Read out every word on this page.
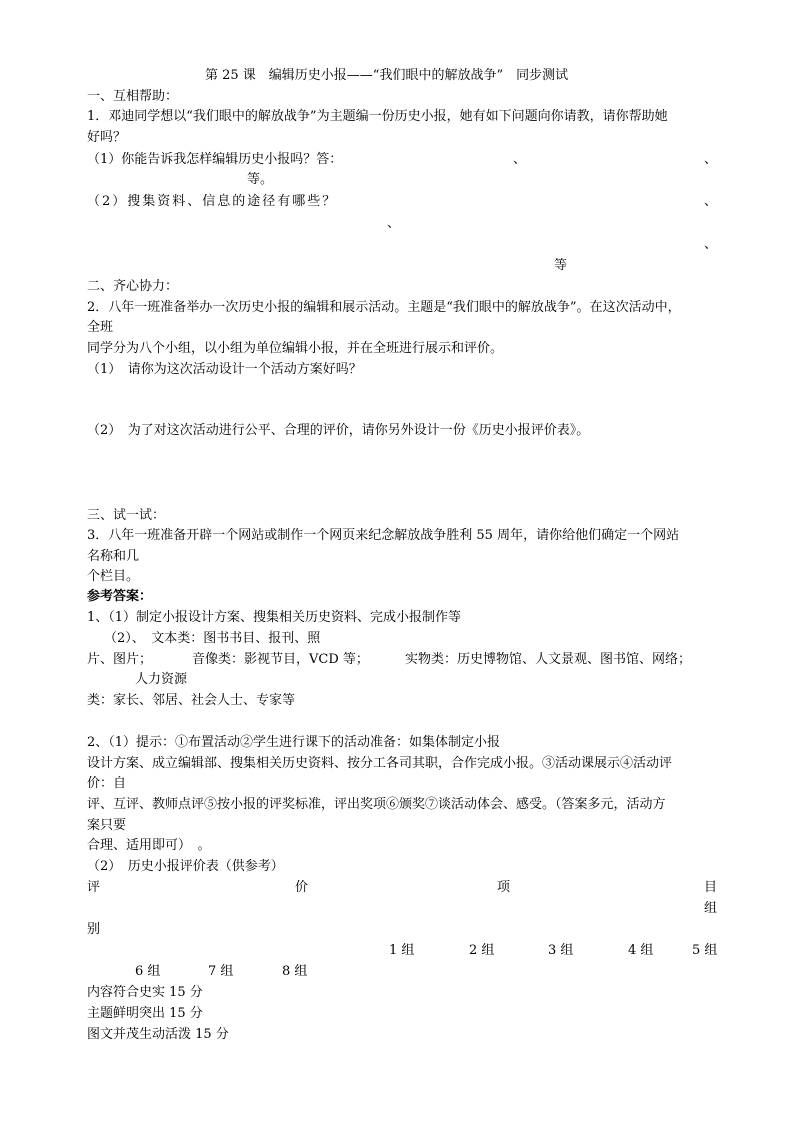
第 25 课　编辑历史小报——“我们眼中的解放战争”　同步测试
一、互相帮助：
1．邓迪同学想以“我们眼中的解放战争”为主题编一份历史小报，她有如下问题向你请教，请你帮助她
好吗？
（1）你能告诉我怎样编辑历史小报吗？答：	、	、
等。
（2）搜集资料、信息的途径有哪些？	、
、
、
等
二、齐心协力：
2．八年一班准备举办一次历史小报的编辑和展示活动。主题是“我们眼中的解放战争”。在这次活动中，
全班
同学分为八个小组，以小组为单位编辑小报，并在全班进行展示和评价。
（1）　请你为这次活动设计一个活动方案好吗？
（2）　为了对这次活动进行公平、合理的评价，请你另外设计一份《历史小报评价表》。
三、试一试：
3．八年一班准备开辟一个网站或制作一个网页来纪念解放战争胜利 55 周年，请你给他们确定一个网站
名称和几
个栏目。
参考答案：
1、（1）制定小报设计方案、搜集相关历史资料、完成小报制作等
（2）、　文本类：图书书目、报刊、照
片、图片；	音像类：影视节目，VCD 等；	实物类：历史博物馆、人文景观、图书馆、网络；
人力资源
类：家长、邻居、社会人士、专家等
2、（1）提示：①布置活动②学生进行课下的活动准备：如集体制定小报
设计方案、成立编辑部、搜集相关历史资料、按分工各司其职，合作完成小报。③活动课展示④活动评
价：自
评、互评、教师点评⑤按小报的评奖标准，评出奖项⑥颁奖⑦谈活动体会、感受。（答案多元，活动方
案只要
合理、适用即可）　。
（2）　历史小报评价表（供参考）
评	价	项	目
组
别
1 组	2 组	3 组	4 组	5 组
6 组	7 组	8 组
内容符合史实 15 分
主题鲜明突出 15 分
图文并茂生动活泼 15 分
